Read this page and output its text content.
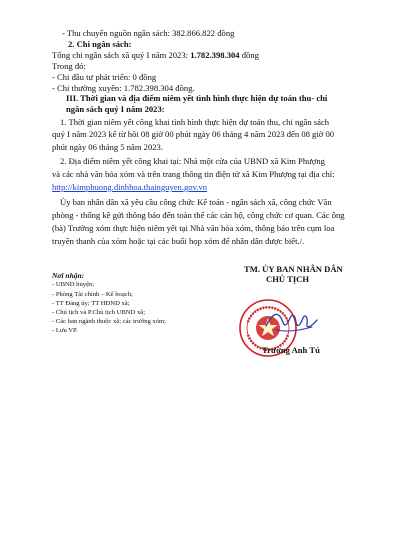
- Thu chuyển nguồn ngân sách: 382.866.822 đồng
2. Chi ngân sách:
Tổng chi ngân sách xã quý I năm 2023: 1.782.398.304 đồng
Trong đó:
- Chi đầu tư phát triển: 0 đồng
- Chi thường xuyên: 1.782.398.304 đồng.
III. Thời gian và địa điểm niêm yết tình hình thực hiện dự toán thu- chi
ngân sách quý I năm 2023:
1. Thời gian niêm yết công khai tình hình thực hiện dự toán thu, chi ngân sách
quý I năm 2023 kể từ hồi 08 giờ 00 phút ngày 06 tháng 4 năm 2023 đến 08 giờ 00
phút ngày 06 tháng 5 năm 2023.
2. Địa điểm niêm yết công khai tại: Nhà một cửa của UBND xã Kim Phượng
và các nhà văn hóa xóm và trên trang thông tin điện tử xã Kim Phượng tại địa chỉ:
http://kimphuong.dinhhoa.thainguyen.gov.vn
Ủy ban nhân dân xã yêu cầu công chức Kế toán - ngân sách xã, công chức Văn
phòng - thống kê gửi thông báo đến toàn thể các cán bộ, công chức cơ quan. Các ông
(bà) Trưởng xóm thực hiện niêm yết tại Nhà văn hóa xóm, thông báo trên cụm loa
truyền thanh của xóm hoặc tại các buổi họp xóm để nhân dân được biết./.
Nơi nhận:
- UBND huyện;
- Phòng Tài chính – Kế hoạch;
- TT Đảng ủy; TT HĐND xã;
- Chủ tịch và P.Chủ tịch UBND xã;
- Các ban ngành thuộc xã; các trưởng xóm;
- Lưu VP.
TM. ỦY BAN NHÂN DÂN
CHỦ TỊCH
Trương Anh Tú
